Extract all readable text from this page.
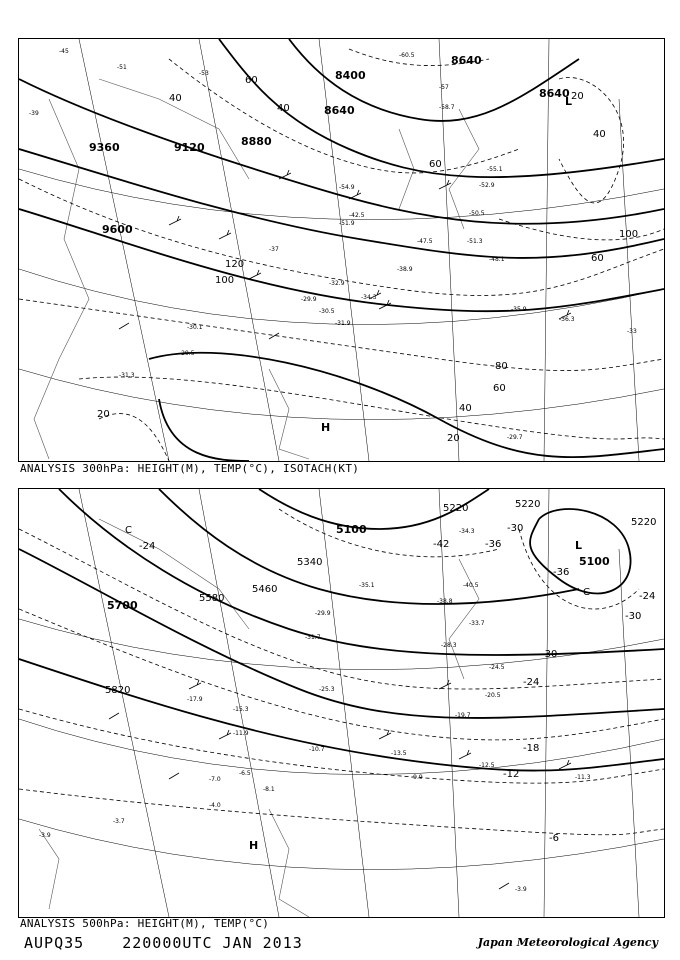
9360	9120	8880
8640
8400
8640
9600
8640
40
60
40
100
120
60
20
20
40
60
80
100
60
40
20
L
H
-45
-51
-53
-57
-55.1
-52.9
-54.9
-51.9
-47.5
-48.1
-38.9
-34.3
-32.9
-36.3
-35.9
-30.5
-29.9
-30.1
-31.9
-29.5
-29.7
-33
-39
-60.5
-58.7
-50.5
-51.3
-42.5
-37
-31.3
ANALYSIS 300hPa: HEIGHT(M), TEMP(°C), ISOTACH(KT)
5700
5580
5460
5340
5100
5220	5220
5100
5220
5820
-24	-42	-36
-30
-36
-30
-24
-24
-18
-12
-6
-30
L
H
C
C
-34.3
-40.5
-38.8
-33.7
-28.3
-24.5
-20.5
-19.7
-13.5
-12.5
-11.3
-9.9
-3.9
-3.7
-4.0
-6.5
-8.1
-7.0
-17.9
-15.3
-11.9
-10.7
-25.3
-31.7
-29.9
-35.1
-3.9
ANALYSIS 500hPa: HEIGHT(M), TEMP(°C)
AUPQ35	220000UTC JAN 2013	Japan Meteorological Agency
